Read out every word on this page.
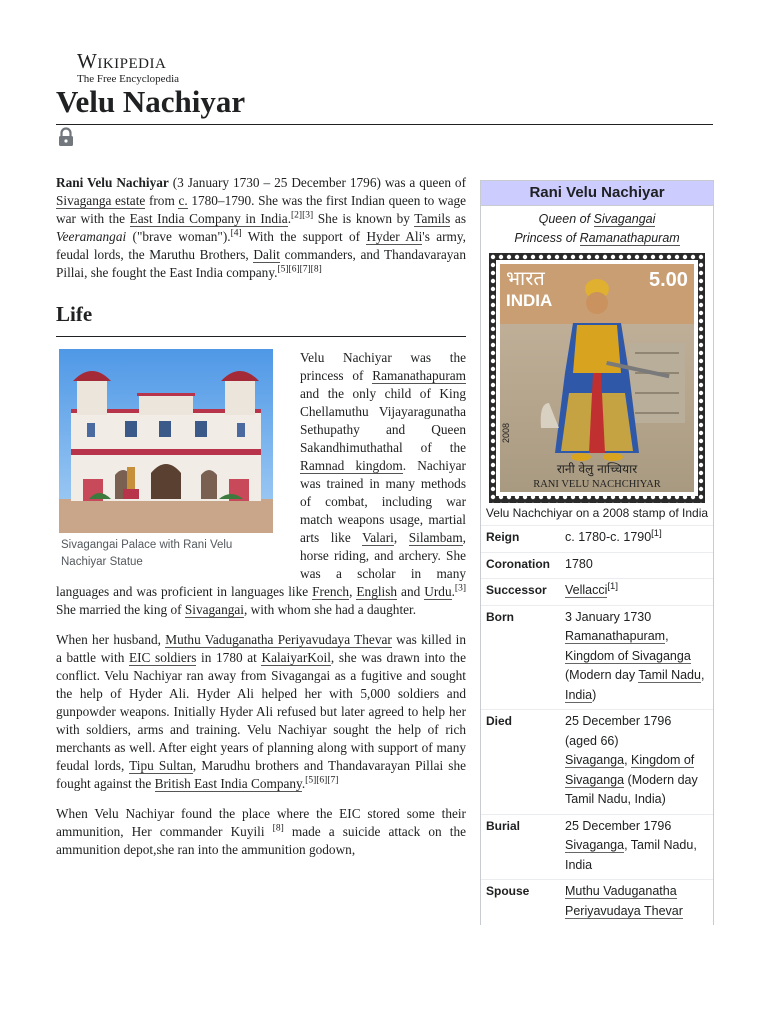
Wikipedia
The Free Encyclopedia
Velu Nachiyar

Rani Velu Nachiyar (3 January 1730 – 25 December 1796) was a queen of Sivaganga estate from c. 1780–1790. She was the first Indian queen to wage war with the East India Company in India.[2][3] She is known by Tamils as Veeramangai ("brave woman").[4] With the support of Hyder Ali's army, feudal lords, the Maruthu Brothers, Dalit commanders, and Thandavarayan Pillai, she fought the East India company.[5][6][7][8]

Life
Sivagangai Palace with Rani Velu Nachiyar Statue

Velu Nachiyar was the princess of Ramanathapuram and the only child of King Chellamuthu Vijayaragunatha Sethupathy and Queen Sakandhimuthathal of the Ramnad kingdom. Nachiyar was trained in many methods of combat, including war match weapons usage, martial arts like Valari, Silambam, horse riding, and archery. She was a scholar in many languages and was proficient in languages like French, English and Urdu.[3] She married the king of Sivagangai, with whom she had a daughter.

When her husband, Muthu Vaduganatha Periyavudaya Thevar was killed in a battle with EIC soldiers in 1780 at KalaiyarKoil, she was drawn into the conflict. Velu Nachiyar ran away from Sivagangai as a fugitive and sought the help of Hyder Ali. Hyder Ali helped her with 5,000 soldiers and gunpowder weapons. Initially Hyder Ali refused but later agreed to help her with soldiers, arms and training. Velu Nachiyar sought the help of rich merchants as well. After eight years of planning along with support of many feudal lords, Tipu Sultan, Marudhu brothers and Thandavarayan Pillai she fought against the British East India Company.[5][6][7]

When Velu Nachiyar found the place where the EIC stored some their ammunition, Her commander Kuyili [8] made a suicide attack on the ammunition depot,she ran into the ammunition godown,

Rani Velu Nachiyar
Queen of Sivagangai
Princess of Ramanathapuram
भारत
INDIA
5.00
2008
रानी वेलु नाच्चियार
RANI VELU NACHCHIYAR
Velu Nachchiyar on a 2008 stamp of India
Reign	c. 1780-c. 1790[1]
Coronation	1780
Successor	Vellacci[1]
Born	3 January 1730
Ramanathapuram, Kingdom of Sivaganga (Modern day Tamil Nadu, India)
Died	25 December 1796
(aged 66)
Sivaganga, Kingdom of Sivaganga (Modern day Tamil Nadu, India)
Burial	25 December 1796
Sivaganga, Tamil Nadu, India
Spouse	Muthu Vaduganatha Periyavudaya Thevar
